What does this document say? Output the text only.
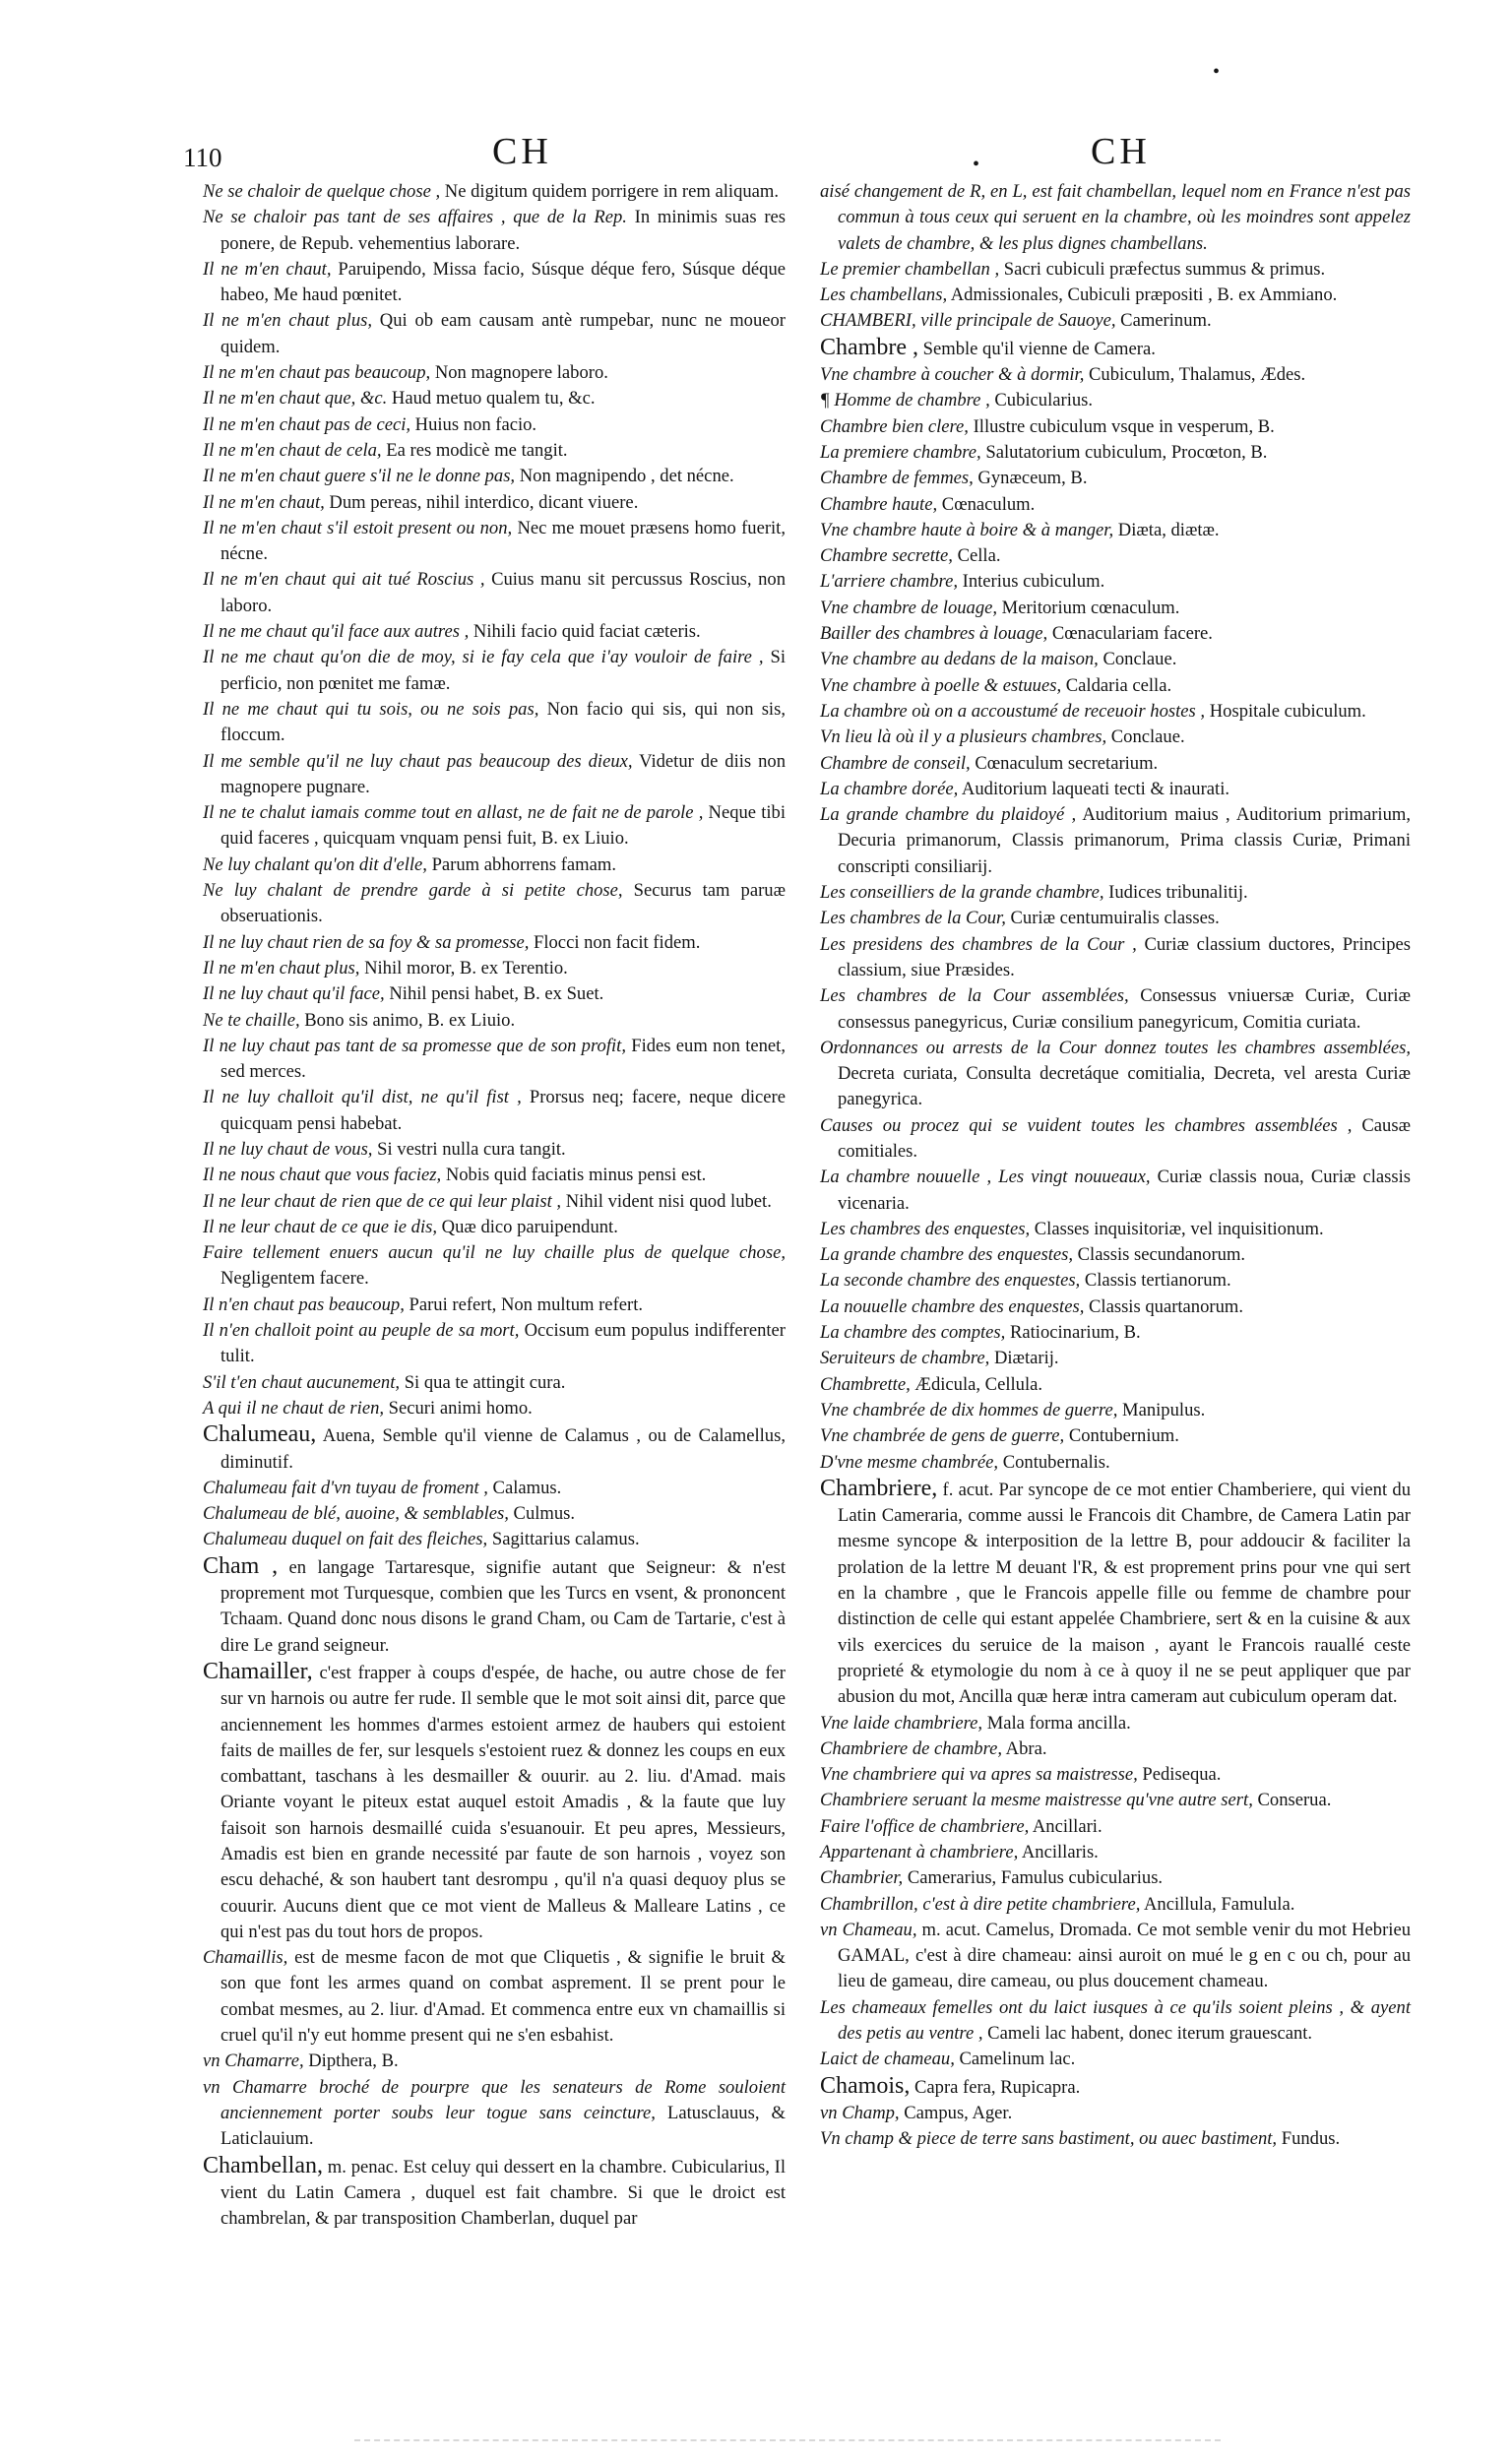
110	CH	CH
•
•

Ne se chaloir de quelque chose , Ne digitum quidem porrigere in rem aliquam.

Ne se chaloir pas tant de ses affaires , que de la Rep. In minimis suas res ponere, de Repub. vehementius laborare.

Il ne m'en chaut, Paruipendo, Missa facio, Súsque déque fero, Súsque déque habeo, Me haud pœnitet.

Il ne m'en chaut plus, Qui ob eam causam antè rumpebar, nunc ne moueor quidem.

Il ne m'en chaut pas beaucoup, Non magnopere laboro.

Il ne m'en chaut que, &c. Haud metuo qualem tu, &c.

Il ne m'en chaut pas de ceci, Huius non facio.

Il ne m'en chaut de cela, Ea res modicè me tangit.

Il ne m'en chaut guere s'il ne le donne pas, Non magnipendo , det nécne.

Il ne m'en chaut, Dum pereas, nihil interdico, dicant viuere.

Il ne m'en chaut s'il estoit present ou non, Nec me mouet præsens homo fuerit, nécne.

Il ne m'en chaut qui ait tué Roscius , Cuius manu sit percussus Roscius, non laboro.

Il ne me chaut qu'il face aux autres , Nihili facio quid faciat cæteris.

Il ne me chaut qu'on die de moy, si ie fay cela que i'ay vouloir de faire , Si perficio, non pœnitet me famæ.

Il ne me chaut qui tu sois, ou ne sois pas, Non facio qui sis, qui non sis, floccum.

Il me semble qu'il ne luy chaut pas beaucoup des dieux, Videtur de diis non magnopere pugnare.

Il ne te chalut iamais comme tout en allast, ne de fait ne de parole , Neque tibi quid faceres , quicquam vnquam pensi fuit, B. ex Liuio.

Ne luy chalant qu'on dit d'elle, Parum abhorrens famam.

Ne luy chalant de prendre garde à si petite chose, Securus tam paruæ obseruationis.

Il ne luy chaut rien de sa foy & sa promesse, Flocci non facit fidem.

Il ne m'en chaut plus, Nihil moror, B. ex Terentio.

Il ne luy chaut qu'il face, Nihil pensi habet, B. ex Suet.

Ne te chaille, Bono sis animo, B. ex Liuio.

Il ne luy chaut pas tant de sa promesse que de son profit, Fides eum non tenet, sed merces.

Il ne luy challoit qu'il dist, ne qu'il fist , Prorsus neq; facere, neque dicere quicquam pensi habebat.

Il ne luy chaut de vous, Si vestri nulla cura tangit.

Il ne nous chaut que vous faciez, Nobis quid faciatis minus pensi est.

Il ne leur chaut de rien que de ce qui leur plaist , Nihil vident nisi quod lubet.

Il ne leur chaut de ce que ie dis, Quæ dico paruipendunt.

Faire tellement enuers aucun qu'il ne luy chaille plus de quelque chose, Negligentem facere.

Il n'en chaut pas beaucoup, Parui refert, Non multum refert.

Il n'en challoit point au peuple de sa mort, Occisum eum populus indifferenter tulit.

S'il t'en chaut aucunement, Si qua te attingit cura.

A qui il ne chaut de rien, Securi animi homo.

Chalumeau, Auena, Semble qu'il vienne de Calamus , ou de Calamellus, diminutif.

Chalumeau fait d'vn tuyau de froment , Calamus.

Chalumeau de blé, auoine, & semblables, Culmus.

Chalumeau duquel on fait des fleiches, Sagittarius calamus.

Cham , en langage Tartaresque, signifie autant que Seigneur: & n'est proprement mot Turquesque, combien que les Turcs en vsent, & prononcent Tchaam. Quand donc nous disons le grand Cham, ou Cam de Tartarie, c'est à dire Le grand seigneur.

Chamailler, c'est frapper à coups d'espée, de hache, ou autre chose de fer sur vn harnois ou autre fer rude. Il semble que le mot soit ainsi dit, parce que anciennement les hommes d'armes estoient armez de haubers qui estoient faits de mailles de fer, sur lesquels s'estoient ruez & donnez les coups en eux combattant, taschans à les desmailler & ouurir. au 2. liu. d'Amad. mais Oriante voyant le piteux estat auquel estoit Amadis , & la faute que luy faisoit son harnois desmaillé cuida s'esuanouir. Et peu apres, Messieurs, Amadis est bien en grande necessité par faute de son harnois , voyez son escu dehaché, & son haubert tant desrompu , qu'il n'a quasi dequoy plus se couurir. Aucuns dient que ce mot vient de Malleus & Malleare Latins , ce qui n'est pas du tout hors de propos.

Chamaillis, est de mesme facon de mot que Cliquetis , & signifie le bruit & son que font les armes quand on combat asprement. Il se prent pour le combat mesmes, au 2. liur. d'Amad. Et commenca entre eux vn chamaillis si cruel qu'il n'y eut homme present qui ne s'en esbahist.

vn Chamarre, Dipthera, B.

vn Chamarre broché de pourpre que les senateurs de Rome souloient anciennement porter soubs leur togue sans ceincture, Latusclauus, & Laticlauium.

Chambellan, m. penac. Est celuy qui dessert en la chambre. Cubicularius, Il vient du Latin Camera , duquel est fait chambre. Si que le droict est chambrelan, & par transposition Chamberlan, duquel par

aisé changement de R, en L, est fait chambellan, lequel nom en France n'est pas commun à tous ceux qui seruent en la chambre, où les moindres sont appelez valets de chambre, & les plus dignes chambellans.

Le premier chambellan , Sacri cubiculi præfectus summus & primus.

Les chambellans, Admissionales, Cubiculi præpositi , B. ex Ammiano.

CHAMBERI, ville principale de Sauoye, Camerinum.

Chambre , Semble qu'il vienne de Camera.

Vne chambre à coucher & à dormir, Cubiculum, Thalamus, Ædes.

¶ Homme de chambre , Cubicularius.

Chambre bien clere, Illustre cubiculum vsque in vesperum, B.

La premiere chambre, Salutatorium cubiculum, Procœton, B.

Chambre de femmes, Gynæceum, B.

Chambre haute, Cœnaculum.

Vne chambre haute à boire & à manger, Diæta, diætæ.

Chambre secrette, Cella.

L'arriere chambre, Interius cubiculum.

Vne chambre de louage, Meritorium cœnaculum.

Bailler des chambres à louage, Cœnaculariam facere.

Vne chambre au dedans de la maison, Conclaue.

Vne chambre à poelle & estuues, Caldaria cella.

La chambre où on a accoustumé de receuoir hostes , Hospitale cubiculum.

Vn lieu là où il y a plusieurs chambres, Conclaue.

Chambre de conseil, Cœnaculum secretarium.

La chambre dorée, Auditorium laqueati tecti & inaurati.

La grande chambre du plaidoyé , Auditorium maius , Auditorium primarium, Decuria primanorum, Classis primanorum, Prima classis Curiæ, Primani conscripti consiliarij.

Les conseilliers de la grande chambre, Iudices tribunalitij.

Les chambres de la Cour, Curiæ centumuiralis classes.

Les presidens des chambres de la Cour , Curiæ classium ductores, Principes classium, siue Præsides.

Les chambres de la Cour assemblées, Consessus vniuersæ Curiæ, Curiæ consessus panegyricus, Curiæ consilium panegyricum, Comitia curiata.

Ordonnances ou arrests de la Cour donnez toutes les chambres assemblées, Decreta curiata, Consulta decretáque comitialia, Decreta, vel aresta Curiæ panegyrica.

Causes ou procez qui se vuident toutes les chambres assemblées , Causæ comitiales.

La chambre nouuelle , Les vingt nouueaux, Curiæ classis noua, Curiæ classis vicenaria.

Les chambres des enquestes, Classes inquisitoriæ, vel inquisitionum.

La grande chambre des enquestes, Classis secundanorum.

La seconde chambre des enquestes, Classis tertianorum.

La nouuelle chambre des enquestes, Classis quartanorum.

La chambre des comptes, Ratiocinarium, B.

Seruiteurs de chambre, Diætarij.

Chambrette, Ædicula, Cellula.

Vne chambrée de dix hommes de guerre, Manipulus.

Vne chambrée de gens de guerre, Contubernium.

D'vne mesme chambrée, Contubernalis.

Chambriere, f. acut. Par syncope de ce mot entier Chamberiere, qui vient du Latin Cameraria, comme aussi le Francois dit Chambre, de Camera Latin par mesme syncope & interposition de la lettre B, pour addoucir & faciliter la prolation de la lettre M deuant l'R, & est proprement prins pour vne qui sert en la chambre , que le Francois appelle fille ou femme de chambre pour distinction de celle qui estant appelée Chambriere, sert & en la cuisine & aux vils exercices du seruice de la maison , ayant le Francois rauallé ceste proprieté & etymologie du nom à ce à quoy il ne se peut appliquer que par abusion du mot, Ancilla quæ heræ intra cameram aut cubiculum operam dat.

Vne laide chambriere, Mala forma ancilla.

Chambriere de chambre, Abra.

Vne chambriere qui va apres sa maistresse, Pedisequa.

Chambriere seruant la mesme maistresse qu'vne autre sert, Conserua.

Faire l'office de chambriere, Ancillari.

Appartenant à chambriere, Ancillaris.

Chambrier, Camerarius, Famulus cubicularius.

Chambrillon, c'est à dire petite chambriere, Ancillula, Famulula.

vn Chameau, m. acut. Camelus, Dromada. Ce mot semble venir du mot Hebrieu GAMAL, c'est à dire chameau: ainsi auroit on mué le g en c ou ch, pour au lieu de gameau, dire cameau, ou plus doucement chameau.

Les chameaux femelles ont du laict iusques à ce qu'ils soient pleins , & ayent des petis au ventre , Cameli lac habent, donec iterum grauescant.

Laict de chameau, Camelinum lac.

Chamois, Capra fera, Rupicapra.

vn Champ, Campus, Ager.

Vn champ & piece de terre sans bastiment, ou auec bastiment, Fundus.
